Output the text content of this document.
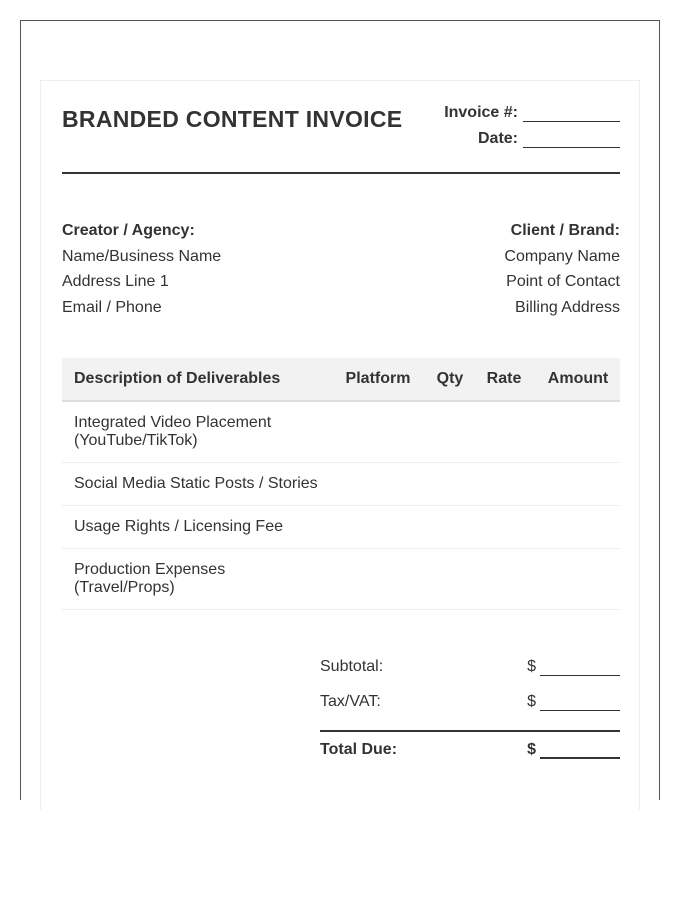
BRANDED CONTENT INVOICE	Invoice #:
Date:
Creator / Agency:
Name/Business Name
Address Line 1
Email / Phone
Client / Brand:
Company Name
Point of Contact
Billing Address
Description of Deliverables	Platform	Qty	Rate	Amount
Integrated Video Placement
(YouTube/TikTok)
Social Media Static Posts / Stories
Usage Rights / Licensing Fee
Production Expenses
(Travel/Props)
Subtotal:	$
Tax/VAT:	$
Total Due:	$
